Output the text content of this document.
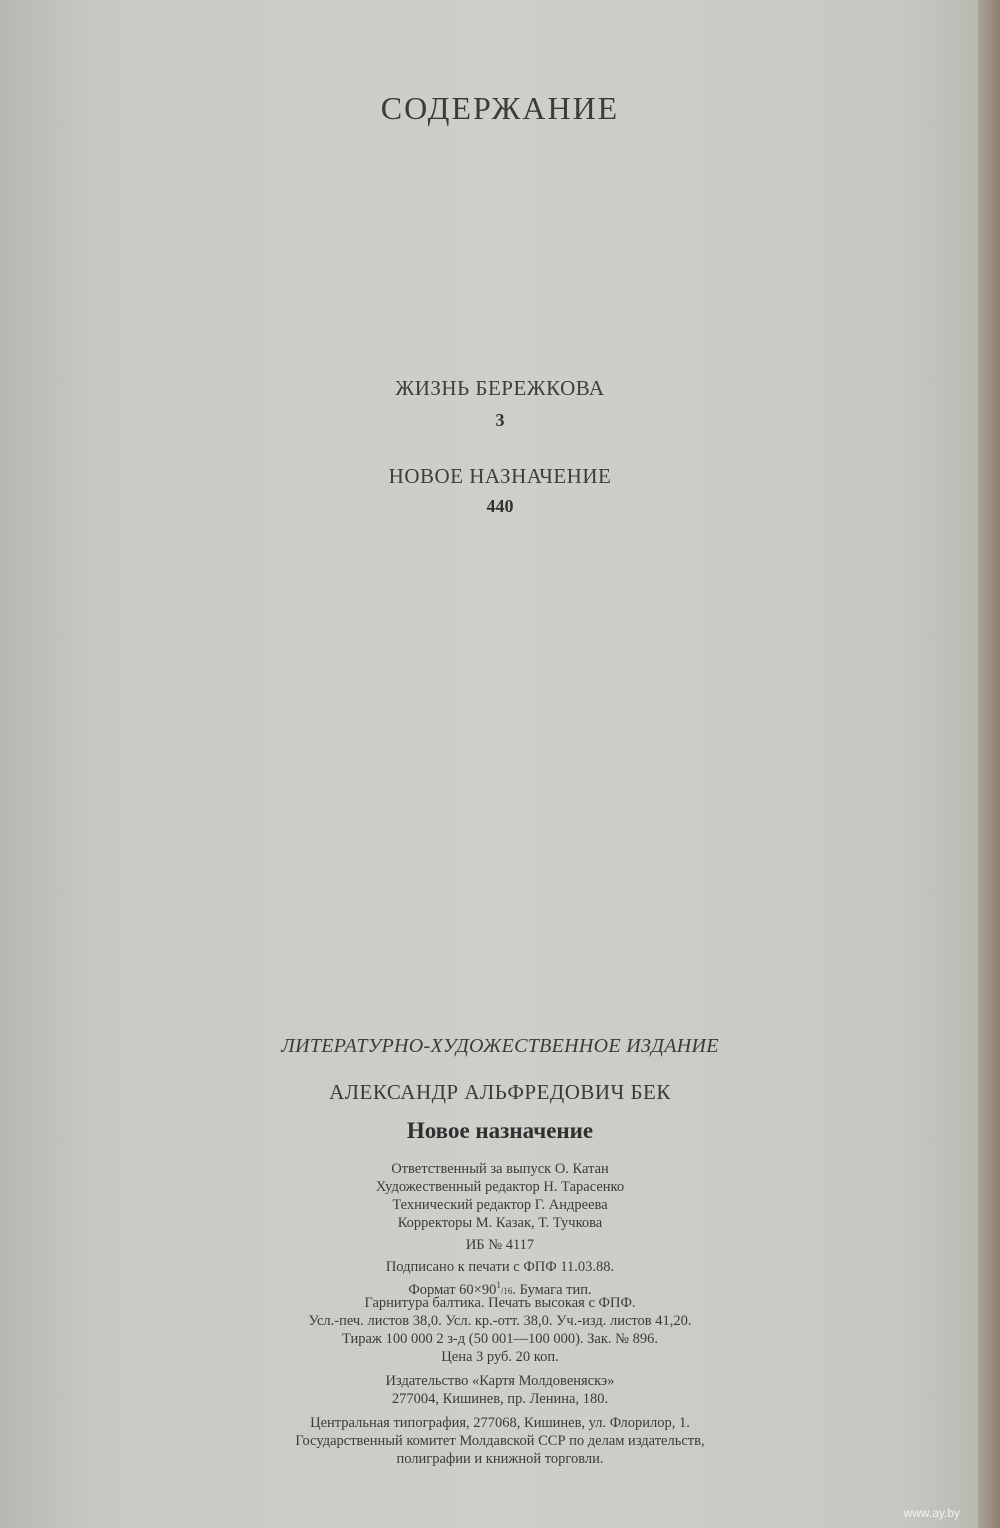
СОДЕРЖАНИЕ
ЖИЗНЬ БЕРЕЖКОВА
3
НОВОЕ НАЗНАЧЕНИЕ
440
ЛИТЕРАТУРНО-ХУДОЖЕСТВЕННОЕ ИЗДАНИЕ
АЛЕКСАНДР АЛЬФРЕДОВИЧ БЕК
Новое назначение
Ответственный за выпуск О. Катан
Художественный редактор Н. Тарасенко
Технический редактор Г. Андреева
Корректоры М. Казак, Т. Тучкова
ИБ № 4117
Подписано к печати с ФПФ 11.03.88.
Формат $60\times 90^1/16$. Бумага тип.
Гарнитура балтика. Печать высокая с ФПФ.
Усл.-печ. листов 38,0. Усл. кр.-отт. 38,0. Уч.-изд. листов 41,20.
Тираж 100 000 2 з-д (50 001—100 000). Зак. № 896.
Цена 3 руб. 20 коп.
Издательство «Картя Молдовеняскэ»
277004, Кишинев, пр. Ленина, 180.
Центральная типография, 277068, Кишинев, ул. Флорилор, 1.
Государственный комитет Молдавской ССР по делам издательств,
полиграфии и книжной торговли.
www.ay.by
